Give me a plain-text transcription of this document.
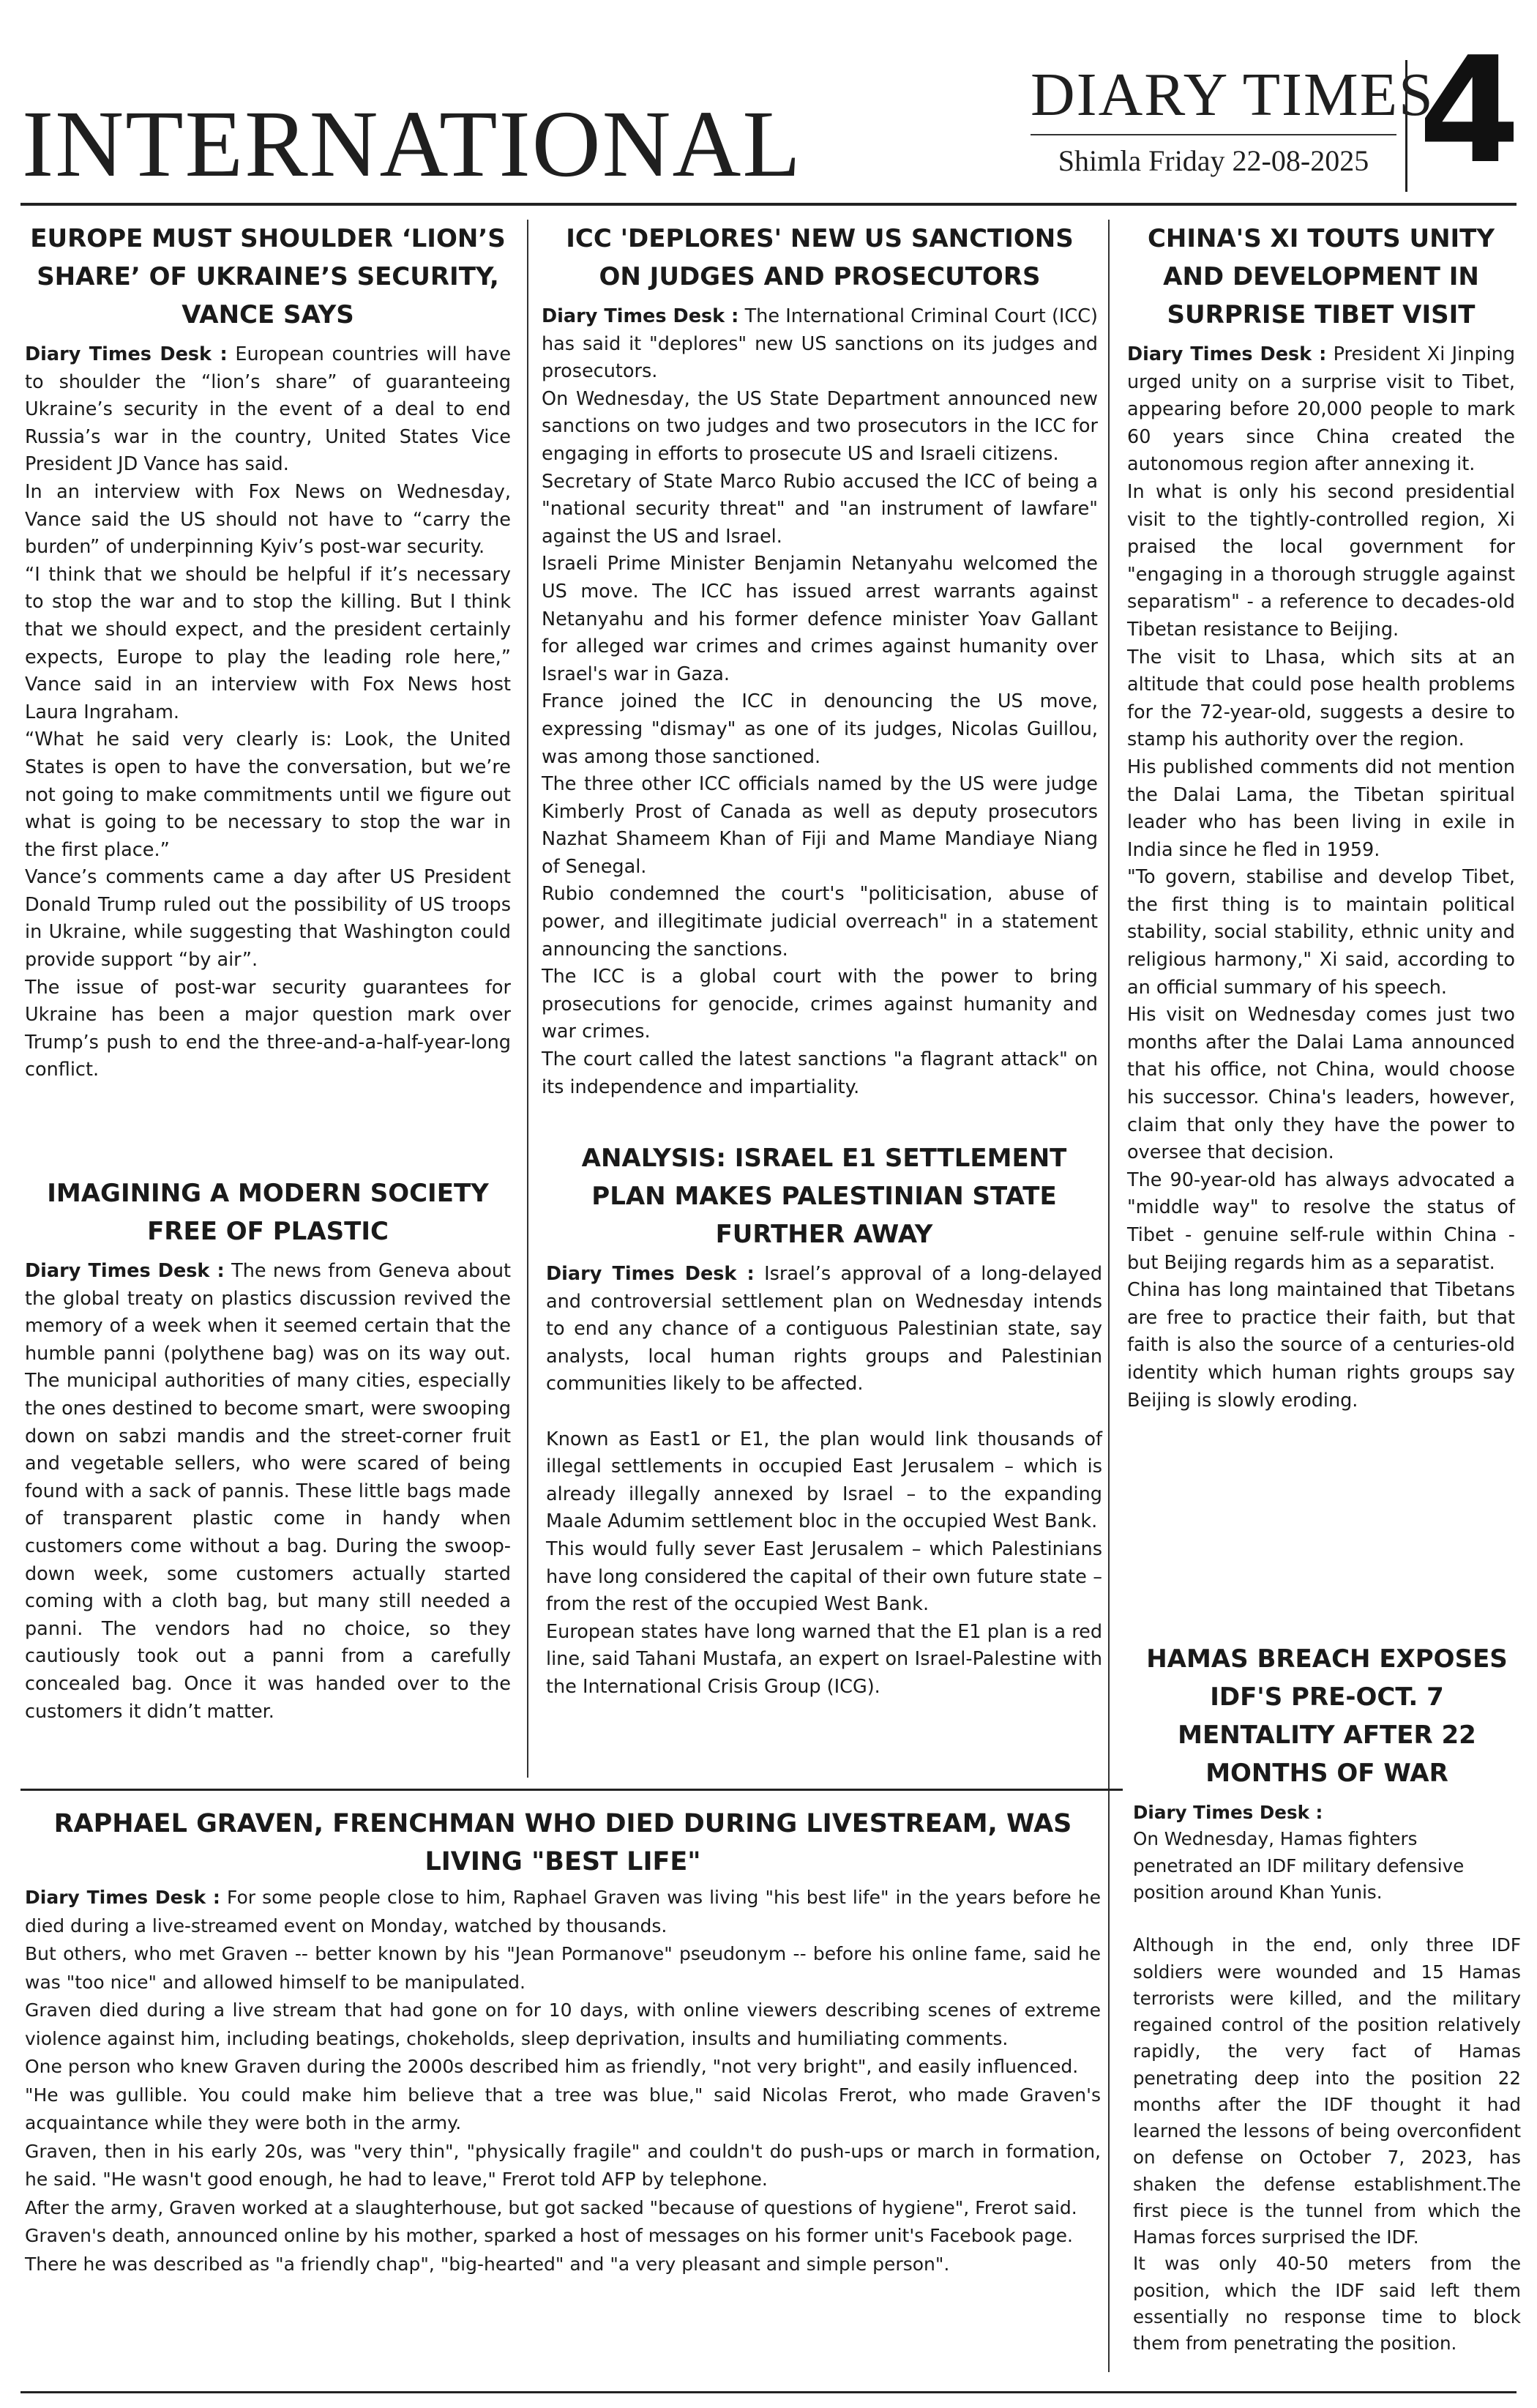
INTERNATIONAL	DIARY TIMES
Shimla Friday 22-08-2025 4
EUROPE MUST SHOULDER ‘LION’S SHARE’ OF UKRAINE’S SECURITY, VANCE SAYS

Diary Times Desk : European countries will have to shoulder the “lion’s share” of guaranteeing Ukraine’s security in the event of a deal to end Russia’s war in the country, United States Vice President JD Vance has said.

In an interview with Fox News on Wednesday, Vance said the US should not have to “carry the burden” of underpinning Kyiv’s post-war security.

“I think that we should be helpful if it’s necessary to stop the war and to stop the killing. But I think that we should expect, and the president certainly expects, Europe to play the leading role here,” Vance said in an interview with Fox News host Laura Ingraham.

“What he said very clearly is: Look, the United States is open to have the conversation, but we’re not going to make commitments until we figure out what is going to be necessary to stop the war in the first place.”

Vance’s comments came a day after US President Donald Trump ruled out the possibility of US troops in Ukraine, while suggesting that Washington could provide support “by air”.

The issue of post-war security guarantees for Ukraine has been a major question mark over Trump’s push to end the three-and-a-half-year-long conflict.

IMAGINING A MODERN SOCIETY FREE OF PLASTIC

Diary Times Desk : The news from Geneva about the global treaty on plastics discussion revived the memory of a week when it seemed certain that the humble panni (polythene bag) was on its way out. The municipal authorities of many cities, especially the ones destined to become smart, were swooping down on sabzi mandis and the street-corner fruit and vegetable sellers, who were scared of being found with a sack of pannis. These little bags made of transparent plastic come in handy when customers come without a bag. During the swoop-down week, some customers actually started coming with a cloth bag, but many still needed a panni. The vendors had no choice, so they cautiously took out a panni from a carefully concealed bag. Once it was handed over to the customers it didn’t matter.

ICC 'DEPLORES' NEW US SANCTIONS ON JUDGES AND PROSECUTORS

Diary Times Desk : The International Criminal Court (ICC) has said it "deplores" new US sanctions on its judges and prosecutors.

On Wednesday, the US State Department announced new sanctions on two judges and two prosecutors in the ICC for engaging in efforts to prosecute US and Israeli citizens.

Secretary of State Marco Rubio accused the ICC of being a "national security threat" and "an instrument of lawfare" against the US and Israel.

Israeli Prime Minister Benjamin Netanyahu welcomed the US move. The ICC has issued arrest warrants against Netanyahu and his former defence minister Yoav Gallant for alleged war crimes and crimes against humanity over Israel's war in Gaza.

France joined the ICC in denouncing the US move, expressing "dismay" as one of its judges, Nicolas Guillou, was among those sanctioned.

The three other ICC officials named by the US were judge Kimberly Prost of Canada as well as deputy prosecutors Nazhat Shameem Khan of Fiji and Mame Mandiaye Niang of Senegal.

Rubio condemned the court's "politicisation, abuse of power, and illegitimate judicial overreach" in a statement announcing the sanctions.

The ICC is a global court with the power to bring prosecutions for genocide, crimes against humanity and war crimes.

The court called the latest sanctions "a flagrant attack" on its independence and impartiality.

ANALYSIS: ISRAEL E1 SETTLEMENT PLAN MAKES PALESTINIAN STATE FURTHER AWAY

Diary Times Desk : Israel’s approval of a long-delayed and controversial settlement plan on Wednesday intends to end any chance of a contiguous Palestinian state, say analysts, local human rights groups and Palestinian communities likely to be affected.

Known as East1 or E1, the plan would link thousands of illegal settlements in occupied East Jerusalem – which is already illegally annexed by Israel – to the expanding Maale Adumim settlement bloc in the occupied West Bank.

This would fully sever East Jerusalem – which Palestinians have long considered the capital of their own future state – from the rest of the occupied West Bank.

European states have long warned that the E1 plan is a red line, said Tahani Mustafa, an expert on Israel-Palestine with the International Crisis Group (ICG).

CHINA'S XI TOUTS UNITY AND DEVELOPMENT IN SURPRISE TIBET VISIT

Diary Times Desk : President Xi Jinping urged unity on a surprise visit to Tibet, appearing before 20,000 people to mark 60 years since China created the autonomous region after annexing it.

In what is only his second presidential visit to the tightly-controlled region, Xi praised the local government for "engaging in a thorough struggle against separatism" - a reference to decades-old Tibetan resistance to Beijing.

The visit to Lhasa, which sits at an altitude that could pose health problems for the 72-year-old, suggests a desire to stamp his authority over the region.

His published comments did not mention the Dalai Lama, the Tibetan spiritual leader who has been living in exile in India since he fled in 1959.

"To govern, stabilise and develop Tibet, the first thing is to maintain political stability, social stability, ethnic unity and religious harmony," Xi said, according to an official summary of his speech.

His visit on Wednesday comes just two months after the Dalai Lama announced that his office, not China, would choose his successor. China's leaders, however, claim that only they have the power to oversee that decision.

The 90-year-old has always advocated a "middle way" to resolve the status of Tibet - genuine self-rule within China - but Beijing regards him as a separatist.

China has long maintained that Tibetans are free to practice their faith, but that faith is also the source of a centuries-old identity which human rights groups say Beijing is slowly eroding.

HAMAS BREACH EXPOSES IDF'S PRE-OCT. 7 MENTALITY AFTER 22 MONTHS OF WAR

Diary Times Desk :

On Wednesday, Hamas fighters penetrated an IDF military defensive position around Khan Yunis.

Although in the end, only three IDF soldiers were wounded and 15 Hamas terrorists were killed, and the military regained control of the position relatively rapidly, the very fact of Hamas penetrating deep into the position 22 months after the IDF thought it had learned the lessons of being overconfident on defense on October 7, 2023, has shaken the defense establishment.The first piece is the tunnel from which the Hamas forces surprised the IDF.

It was only 40-50 meters from the position, which the IDF said left them essentially no response time to block them from penetrating the position.

RAPHAEL GRAVEN, FRENCHMAN WHO DIED DURING LIVESTREAM, WAS LIVING "BEST LIFE"

Diary Times Desk : For some people close to him, Raphael Graven was living "his best life" in the years before he died during a live-streamed event on Monday, watched by thousands.

But others, who met Graven -- better known by his "Jean Pormanove" pseudonym -- before his online fame, said he was "too nice" and allowed himself to be manipulated.

Graven died during a live stream that had gone on for 10 days, with online viewers describing scenes of extreme violence against him, including beatings, chokeholds, sleep deprivation, insults and humiliating comments.

One person who knew Graven during the 2000s described him as friendly, "not very bright", and easily influenced.

"He was gullible. You could make him believe that a tree was blue," said Nicolas Frerot, who made Graven's acquaintance while they were both in the army.

Graven, then in his early 20s, was "very thin", "physically fragile" and couldn't do push-ups or march in formation, he said. "He wasn't good enough, he had to leave," Frerot told AFP by telephone.

After the army, Graven worked at a slaughterhouse, but got sacked "because of questions of hygiene", Frerot said.

Graven's death, announced online by his mother, sparked a host of messages on his former unit's Facebook page.

There he was described as "a friendly chap", "big-hearted" and "a very pleasant and simple person".
